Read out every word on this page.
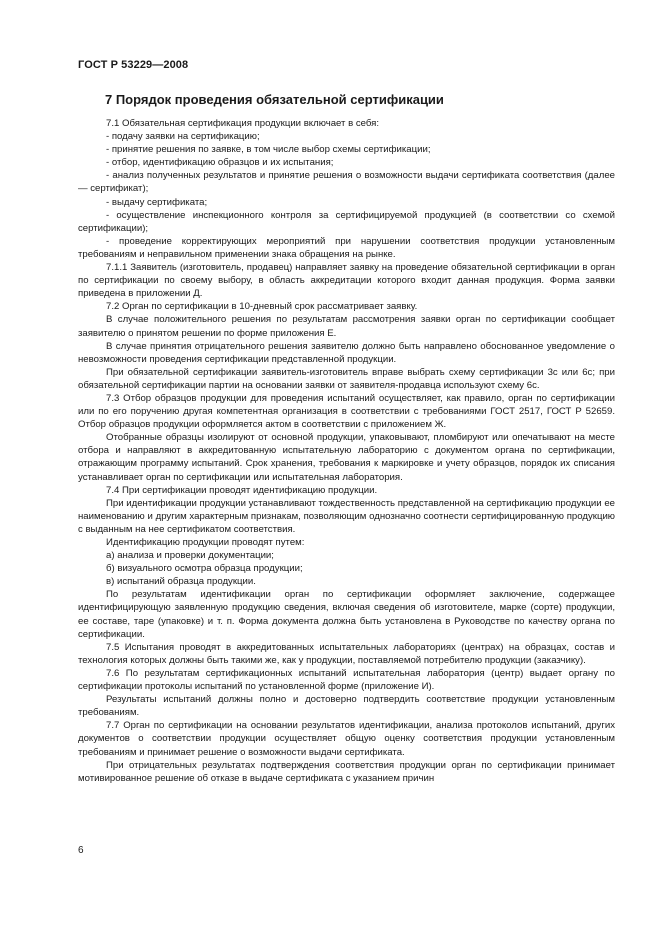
ГОСТ Р 53229—2008
7 Порядок проведения обязательной сертификации

7.1 Обязательная сертификация продукции включает в себя:

- подачу заявки на сертификацию;

- принятие решения по заявке, в том числе выбор схемы сертификации;

- отбор, идентификацию образцов и их испытания;

- анализ полученных результатов и принятие решения о возможности выдачи сертификата соответствия (далее — сертификат);

- выдачу сертификата;

- осуществление инспекционного контроля за сертифицируемой продукцией (в соответствии со схемой сертификации);

- проведение корректирующих мероприятий при нарушении соответствия продукции установленным требованиям и неправильном применении знака обращения на рынке.

7.1.1 Заявитель (изготовитель, продавец) направляет заявку на проведение обязательной сертификации в орган по сертификации по своему выбору, в область аккредитации которого входит данная продукция. Форма заявки приведена в приложении Д.

7.2 Орган по сертификации в 10-дневный срок рассматривает заявку.

В случае положительного решения по результатам рассмотрения заявки орган по сертификации сообщает заявителю о принятом решении по форме приложения Е.

В случае принятия отрицательного решения заявителю должно быть направлено обоснованное уведомление о невозможности проведения сертификации представленной продукции.

При обязательной сертификации заявитель-изготовитель вправе выбрать схему сертификации 3с или 6с; при обязательной сертификации партии на основании заявки от заявителя-продавца используют схему 6с.

7.3 Отбор образцов продукции для проведения испытаний осуществляет, как правило, орган по сертификации или по его поручению другая компетентная организация в соответствии с требованиями ГОСТ 2517, ГОСТ Р 52659. Отбор образцов продукции оформляется актом в соответствии с приложением Ж.

Отобранные образцы изолируют от основной продукции, упаковывают, пломбируют или опечатывают на месте отбора и направляют в аккредитованную испытательную лабораторию с документом органа по сертификации, отражающим программу испытаний. Срок хранения, требования к маркировке и учету образцов, порядок их списания устанавливает орган по сертификации или испытательная лаборатория.

7.4 При сертификации проводят идентификацию продукции.

При идентификации продукции устанавливают тождественность представленной на сертификацию продукции ее наименованию и другим характерным признакам, позволяющим однозначно соотнести сертифицированную продукцию с выданным на нее сертификатом соответствия.

Идентификацию продукции проводят путем:

а) анализа и проверки документации;

б) визуального осмотра образца продукции;

в) испытаний образца продукции.

По результатам идентификации орган по сертификации оформляет заключение, содержащее идентифицирующую заявленную продукцию сведения, включая сведения об изготовителе, марке (сорте) продукции, ее составе, таре (упаковке) и т. п. Форма документа должна быть установлена в Руководстве по качеству органа по сертификации.

7.5 Испытания проводят в аккредитованных испытательных лабораториях (центрах) на образцах, состав и технология которых должны быть такими же, как у продукции, поставляемой потребителю продукции (заказчику).

7.6 По результатам сертификационных испытаний испытательная лаборатория (центр) выдает органу по сертификации протоколы испытаний по установленной форме (приложение И).

Результаты испытаний должны полно и достоверно подтвердить соответствие продукции установленным требованиям.

7.7 Орган по сертификации на основании результатов идентификации, анализа протоколов испытаний, других документов о соответствии продукции осуществляет общую оценку соответствия продукции установленным требованиям и принимает решение о возможности выдачи сертификата.

При отрицательных результатах подтверждения соответствия продукции орган по сертификации принимает мотивированное решение об отказе в выдаче сертификата с указанием причин

6
